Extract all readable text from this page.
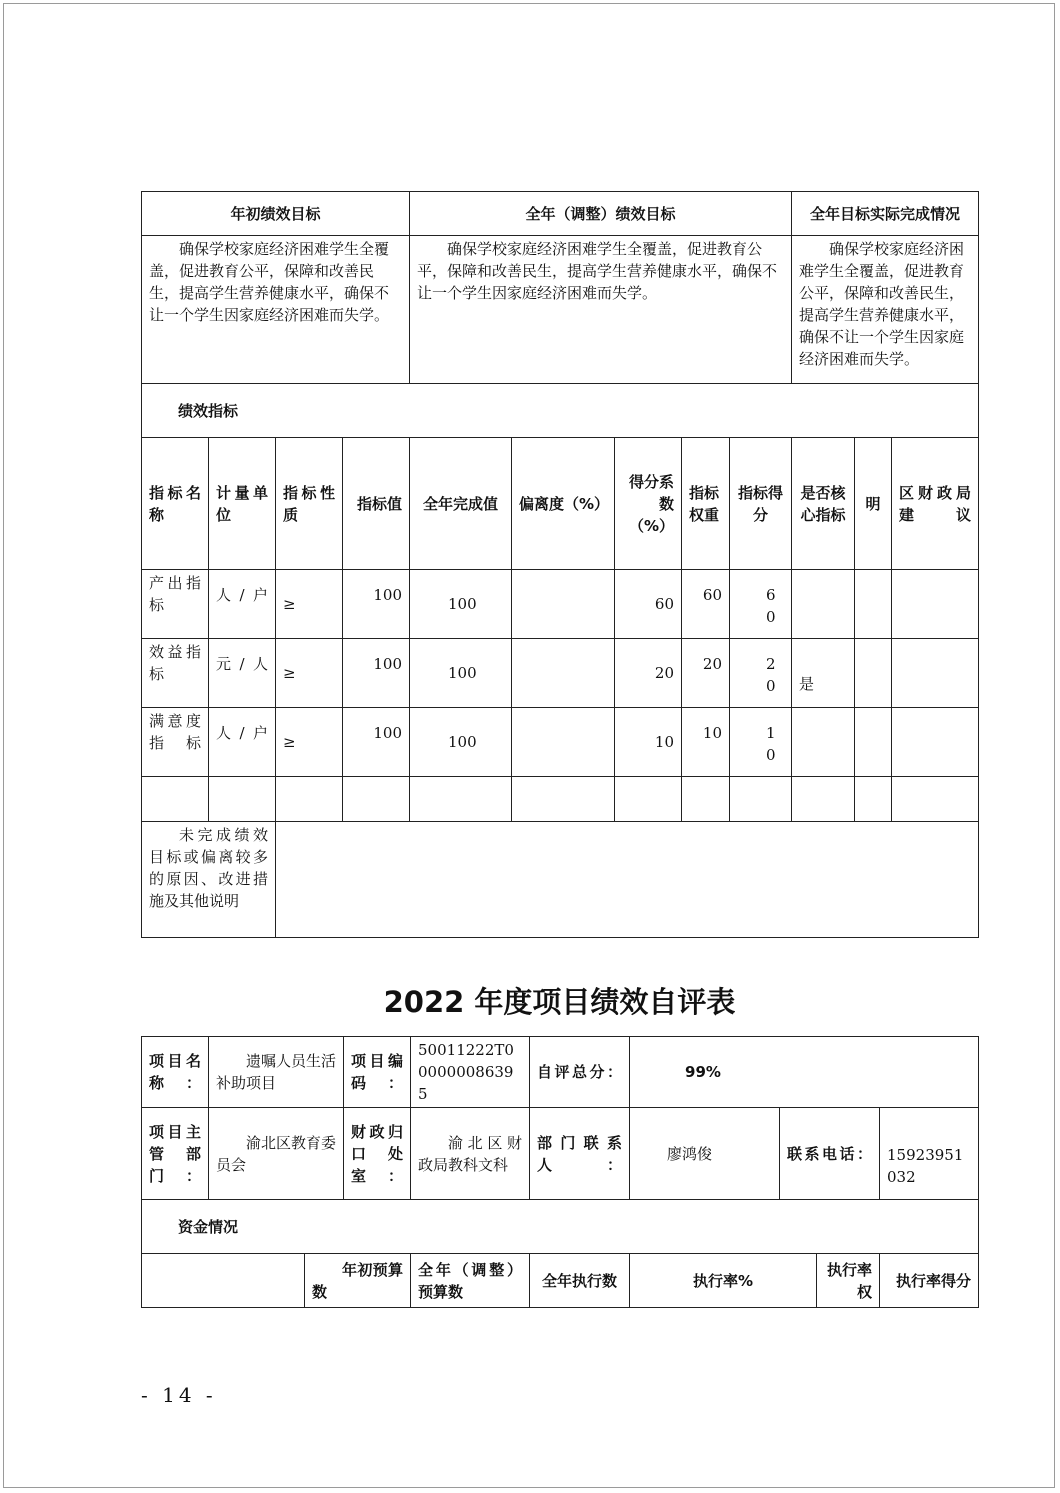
年初绩效目标				全年（调整）绩效目标					全年目标实际完成情况		
确保学校家庭经济困难学生全覆盖，促进教育公平，保障和改善民生，提高学生营养健康水平，确保不让一个学生因家庭经济困难而失学。				确保学校家庭经济困难学生全覆盖，促进教育公平，保障和改善民生，提高学生营养健康水平，确保不让一个学生因家庭经济困难而失学。					确保学校家庭经济困难学生全覆盖，促进教育公平，保障和改善民生，提高学生营养健康水平，确保不让一个学生因家庭经济困难而失学。		
绩效指标											
指标名称	计量单位	指标性质	指标值	全年完成值	偏离度（%）	得分系数（%）	指标权重	指标得分	是否核心指标	明	区财政局建议
产出指标	人/户	≥	100	100		60	60	60			
效益指标	元/人	≥	100	100		20	20	20	是		
满意度指标	人/户	≥	100	100		10	10	10			

未完成绩效目标或偏离较多的原因、改进措施及其他说明											
2022 年度项目绩效自评表
项目名称：	遗嘱人员生活补助项目		项目编码：	50011222T000000086395	自评总分：	99%			
项目主管部门：	渝北区教育委员会		财政归口处室：	渝北区财政局教科文科	部门联系人：	廖鸿俊	联系电话：		15923951032
资金情况									
		年初预算数		全年（调整）预算数	全年执行数	执行率%		执行率权	执行率得分
- 14 -
